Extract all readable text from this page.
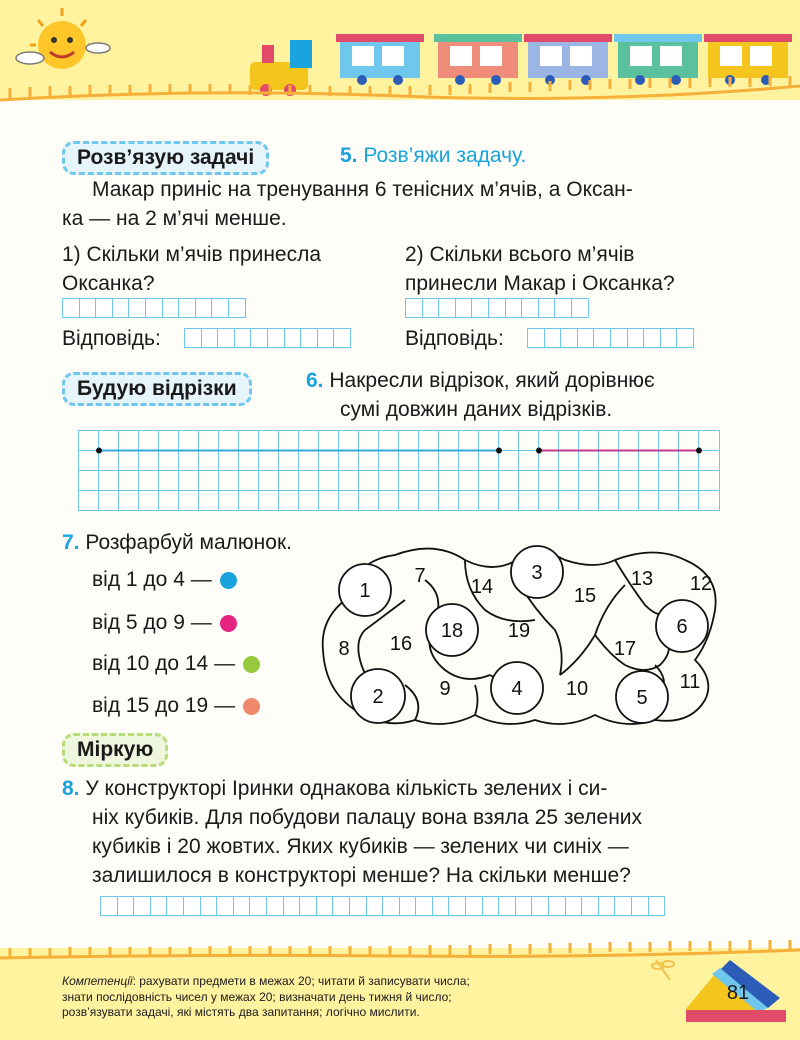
Розв’язую задачі	5. Розв’яжи задачу.
Макар приніс на тренування 6 тенісних м’ячів, а Оксан-
ка — на 2 м’ячі менше.
1) Скільки м’ячів принесла
Оксанка?
2) Скільки всього м’ячів
принесли Макар і Оксанка?
Відповідь:	Відповідь:
Будую відрізки	6. Накресли відрізок, який дорівнює
сумі довжин даних відрізків.
7. Розфарбуй малюнок.
від 1 до 4 —
від 5 до 9 —
від 10 до 14 —
від 15 до 19 —
1
7 14
3
15
13 12
6
8 16
18 19
17
2	9	4 10 5
11
Міркую
8. У конструкторі Іринки однакова кількість зелених і си-
ніх кубиків. Для побудови палацу вона взяла 25 зелених
кубиків і 20 жовтих. Яких кубиків — зелених чи синіх —
залишилося в конструкторі менше? На скільки менше?
Компетенції: рахувати предмети в межах 20; читати й записувати числа;
знати послідовність чисел у межах 20; визначати день тижня й число;
розв’язувати задачі, які містять два запитання; логічно мислити.
81
